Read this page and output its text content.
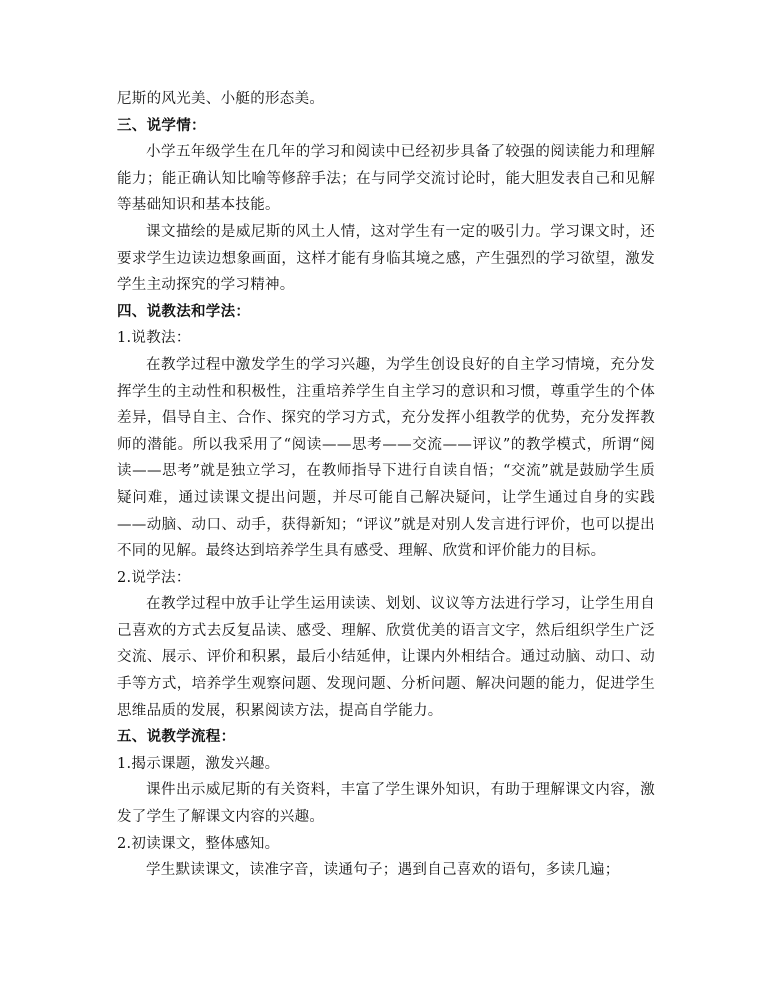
尼斯的风光美、小艇的形态美。

三、说学情：

小学五年级学生在几年的学习和阅读中已经初步具备了较强的阅读能力和理解能力；能正确认知比喻等修辞手法；在与同学交流讨论时，能大胆发表自己和见解等基础知识和基本技能。

课文描绘的是威尼斯的风土人情，这对学生有一定的吸引力。学习课文时，还要求学生边读边想象画面，这样才能有身临其境之感，产生强烈的学习欲望，激发学生主动探究的学习精神。

四、说教法和学法：

1.说教法：

在教学过程中激发学生的学习兴趣，为学生创设良好的自主学习情境，充分发挥学生的主动性和积极性，注重培养学生自主学习的意识和习惯，尊重学生的个体差异，倡导自主、合作、探究的学习方式，充分发挥小组教学的优势，充分发挥教师的潜能。所以我采用了“阅读——思考——交流——评议”的教学模式，所谓“阅读——思考”就是独立学习，在教师指导下进行自读自悟；“交流”就是鼓励学生质疑问难，通过读课文提出问题，并尽可能自己解决疑问，让学生通过自身的实践——动脑、动口、动手，获得新知；“评议”就是对别人发言进行评价，也可以提出不同的见解。最终达到培养学生具有感受、理解、欣赏和评价能力的目标。

2.说学法：

在教学过程中放手让学生运用读读、划划、议议等方法进行学习，让学生用自己喜欢的方式去反复品读、感受、理解、欣赏优美的语言文字，然后组织学生广泛交流、展示、评价和积累，最后小结延伸，让课内外相结合。通过动脑、动口、动手等方式，培养学生观察问题、发现问题、分析问题、解决问题的能力，促进学生思维品质的发展，积累阅读方法，提高自学能力。

五、说教学流程：

1.揭示课题，激发兴趣。

课件出示威尼斯的有关资料，丰富了学生课外知识，有助于理解课文内容，激发了学生了解课文内容的兴趣。

2.初读课文，整体感知。

学生默读课文，读准字音，读通句子；遇到自己喜欢的语句，多读几遍；
